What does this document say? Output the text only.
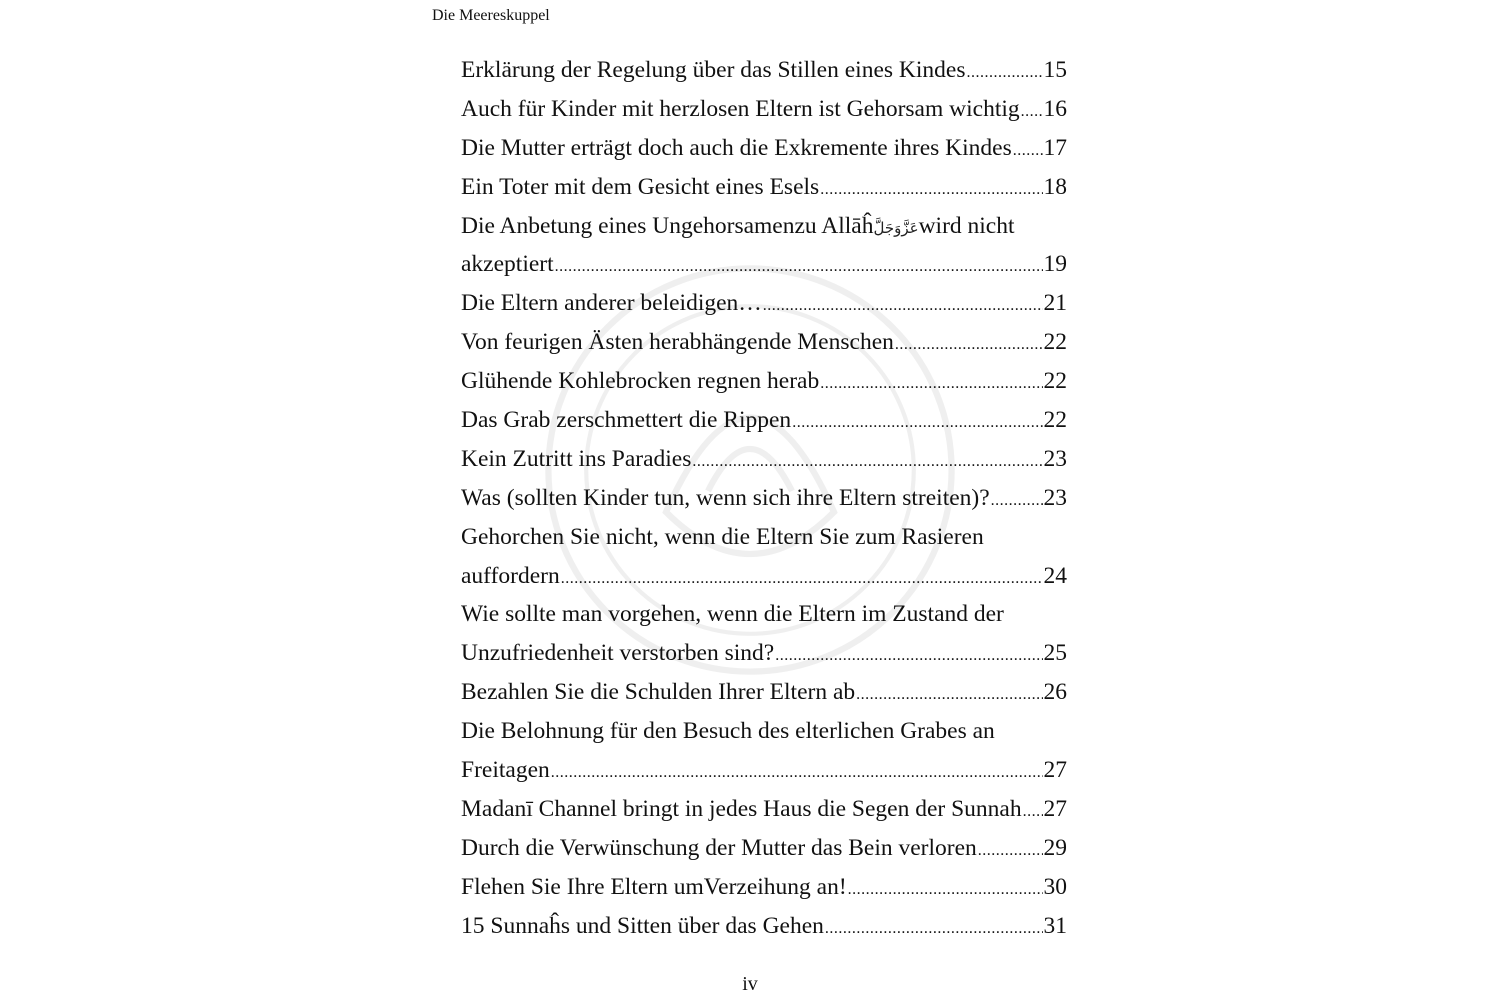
Die Meereskuppel
Erklärung der Regelung über das Stillen eines Kindes .....	15
Auch für Kinder mit herzlosen Eltern ist Gehorsam wichtig ..... 16
Die Mutter erträgt doch auch die Exkremente ihres Kindes ..... 17
Ein Toter mit dem Gesicht eines Esels .....	18
Die Anbetung eines Ungehorsamenzu Allāĥ عَزَّوَجَلَّ wird nicht
akzeptiert .....	19
Die Eltern anderer beleidigen… .....	21
Von feurigen Ästen herabhängende Menschen .....	22
Glühende Kohlebrocken regnen herab .....	22
Das Grab zerschmettert die Rippen .....	22
Kein Zutritt ins Paradies .....	23
Was (sollten Kinder tun, wenn sich ihre Eltern streiten)? ..... 23
Gehorchen Sie nicht, wenn die Eltern Sie zum Rasieren
auffordern .....	24
Wie sollte man vorgehen, wenn die Eltern im Zustand der
Unzufriedenheit verstorben sind? .....	25
Bezahlen Sie die Schulden Ihrer Eltern ab .....	26
Die Belohnung für den Besuch des elterlichen Grabes an
Freitagen .....	27
Madanī Channel bringt in jedes Haus die Segen der Sunnah ..... 27
Durch die Verwünschung der Mutter das Bein verloren .....	29
Flehen Sie Ihre Eltern umVerzeihung an! .....	30
15 Sunnaĥs und Sitten über das Gehen .....	31
iv
